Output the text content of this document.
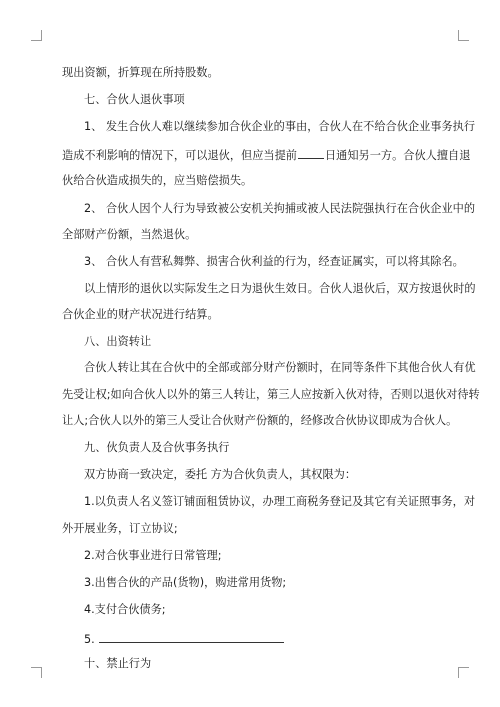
现出资额，折算现在所持股数。
七、合伙人退伙事项
1、 发生合伙人难以继续参加合伙企业的事由，合伙人在不给合伙企业事务执行
造成不利影响的情况下，可以退伙，但应当提前	日通知另一方。合伙人擅自退
伙给合伙造成损失的，应当赔偿损失。
2、 合伙人因个人行为导致被公安机关拘捕或被人民法院强执行在合伙企业中的
全部财产份额，当然退伙。
3、 合伙人有营私舞弊、损害合伙利益的行为，经查证属实，可以将其除名。
以上情形的退伙以实际发生之日为退伙生效日。合伙人退伙后，双方按退伙时的
合伙企业的财产状况进行结算。
八、出资转让
合伙人转让其在合伙中的全部或部分财产份额时，在同等条件下其他合伙人有优
先受让权;如向合伙人以外的第三人转让，第三人应按新入伙对待，否则以退伙对待转
让人;合伙人以外的第三人受让合伙财产份额的，经修改合伙协议即成为合伙人。
九、伙负责人及合伙事务执行
双方协商一致决定，委托 方为合伙负责人，其权限为：
1.以负责人名义签订铺面租赁协议，办理工商税务登记及其它有关证照事务，对
外开展业务，订立协议;
2.对合伙事业进行日常管理;
3.出售合伙的产品(货物)，购进常用货物;
4.支付合伙债务;
5.
十、禁止行为
